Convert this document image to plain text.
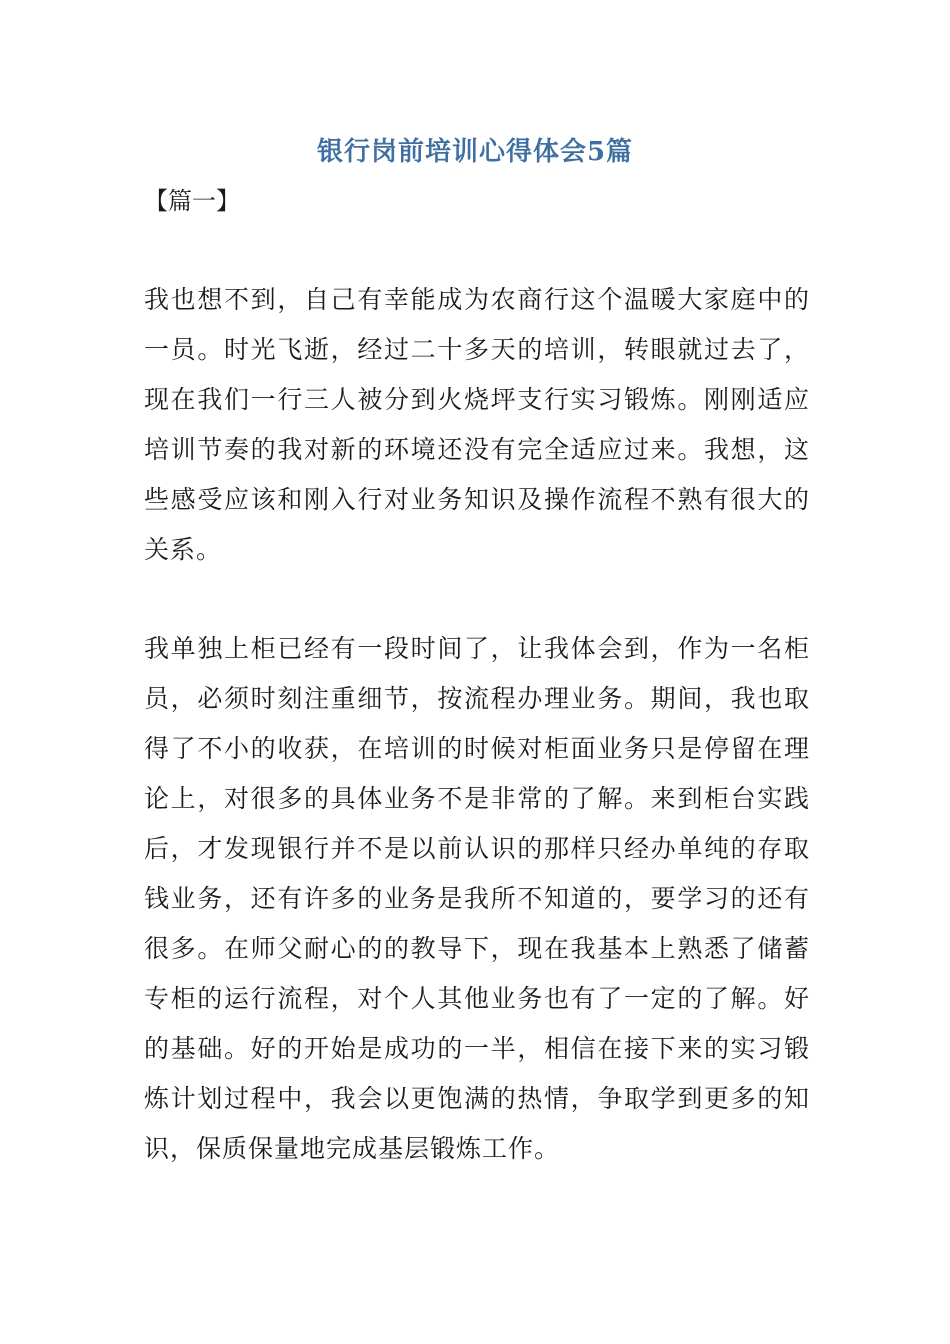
银行岗前培训心得体会5篇
【篇一】
我也想不到，自己有幸能成为农商行这个温暖大家庭中的一员。时光飞逝，经过二十多天的培训，转眼就过去了，现在我们一行三人被分到火烧坪支行实习锻炼。刚刚适应培训节奏的我对新的环境还没有完全适应过来。我想，这些感受应该和刚入行对业务知识及操作流程不熟有很大的关系。
我单独上柜已经有一段时间了，让我体会到，作为一名柜员，必须时刻注重细节，按流程办理业务。期间，我也取得了不小的收获，在培训的时候对柜面业务只是停留在理论上，对很多的具体业务不是非常的了解。来到柜台实践后，才发现银行并不是以前认识的那样只经办单纯的存取钱业务，还有许多的业务是我所不知道的，要学习的还有很多。在师父耐心的的教导下，现在我基本上熟悉了储蓄专柜的运行流程，对个人其他业务也有了一定的了解。好的基础。好的开始是成功的一半，相信在接下来的实习锻炼计划过程中，我会以更饱满的热情，争取学到更多的知识，保质保量地完成基层锻炼工作。
